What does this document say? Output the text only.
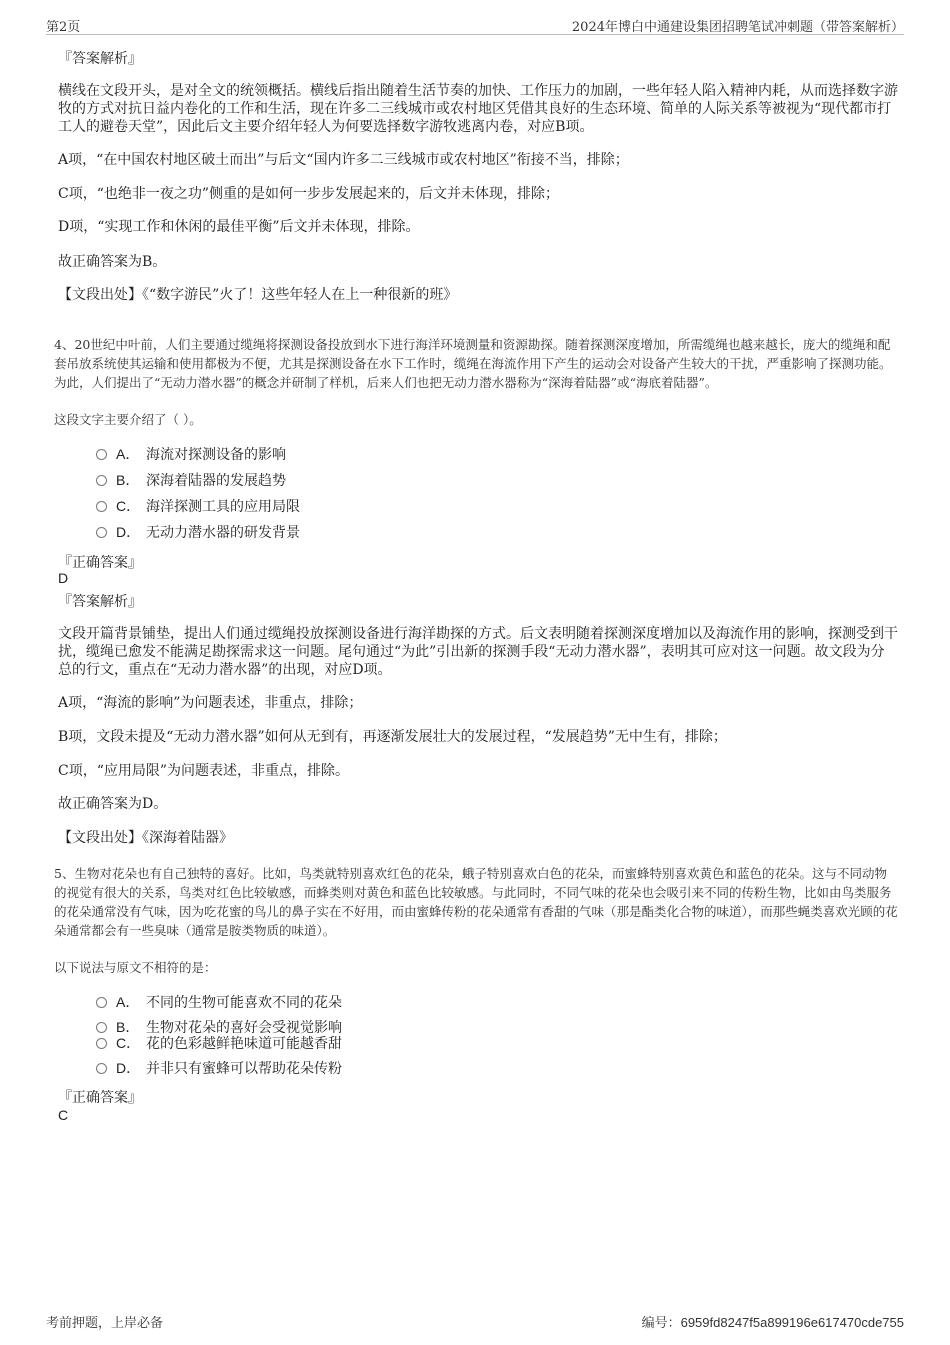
第2页	2024年博白中通建设集团招聘笔试冲刺题（带答案解析）
『答案解析』
横线在文段开头，是对全文的统领概括。横线后指出随着生活节奏的加快、工作压力的加剧，一些年轻人陷入精神内耗，从而选择数字游牧的方式对抗日益内卷化的工作和生活，现在许多二三线城市或农村地区凭借其良好的生态环境、简单的人际关系等被视为“现代都市打工人的避卷天堂”，因此后文主要介绍年轻人为何要选择数字游牧逃离内卷，对应B项。
A项，“在中国农村地区破土而出”与后文“国内许多二三线城市或农村地区”衔接不当，排除；
C项，“也绝非一夜之功”侧重的是如何一步步发展起来的，后文并未体现，排除；
D项，“实现工作和休闲的最佳平衡”后文并未体现，排除。
故正确答案为B。
【文段出处】《“数字游民”火了！这些年轻人在上一种很新的班》
4、20世纪中叶前，人们主要通过缆绳将探测设备投放到水下进行海洋环境测量和资源勘探。随着探测深度增加，所需缆绳也越来越长，庞大的缆绳和配套吊放系统使其运输和使用都极为不便，尤其是探测设备在水下工作时，缆绳在海流作用下产生的运动会对设备产生较大的干扰，严重影响了探测功能。为此，人们提出了“无动力潜水器”的概念并研制了样机，后来人们也把无动力潜水器称为“深海着陆器”或“海底着陆器”。
这段文字主要介绍了（ ）。
A． 海流对探测设备的影响
B． 深海着陆器的发展趋势
C． 海洋探测工具的应用局限
D． 无动力潜水器的研发背景
『正确答案』
D
『答案解析』
文段开篇背景铺垫，提出人们通过缆绳投放探测设备进行海洋勘探的方式。后文表明随着探测深度增加以及海流作用的影响，探测受到干扰，缆绳已愈发不能满足勘探需求这一问题。尾句通过“为此”引出新的探测手段“无动力潜水器”，表明其可应对这一问题。故文段为分总的行文，重点在“无动力潜水器”的出现，对应D项。
A项，“海流的影响”为问题表述，非重点，排除；
B项，文段未提及“无动力潜水器”如何从无到有，再逐渐发展壮大的发展过程，“发展趋势”无中生有，排除；
C项，“应用局限”为问题表述，非重点，排除。
故正确答案为D。
【文段出处】《深海着陆器》
5、生物对花朵也有自己独特的喜好。比如，鸟类就特别喜欢红色的花朵，蛾子特别喜欢白色的花朵，而蜜蜂特别喜欢黄色和蓝色的花朵。这与不同动物的视觉有很大的关系，鸟类对红色比较敏感，而蜂类则对黄色和蓝色比较敏感。与此同时，不同气味的花朵也会吸引来不同的传粉生物，比如由鸟类服务的花朵通常没有气味，因为吃花蜜的鸟儿的鼻子实在不好用，而由蜜蜂传粉的花朵通常有香甜的气味（那是酯类化合物的味道），而那些蝇类喜欢光顾的花朵通常都会有一些臭味（通常是胺类物质的味道）。
以下说法与原文不相符的是：
A． 不同的生物可能喜欢不同的花朵
B． 生物对花朵的喜好会受视觉影响
C． 花的色彩越鲜艳味道可能越香甜
D． 并非只有蜜蜂可以帮助花朵传粉
『正确答案』
C
考前押题，上岸必备	编号：6959fd8247f5a899196e617470cde755
